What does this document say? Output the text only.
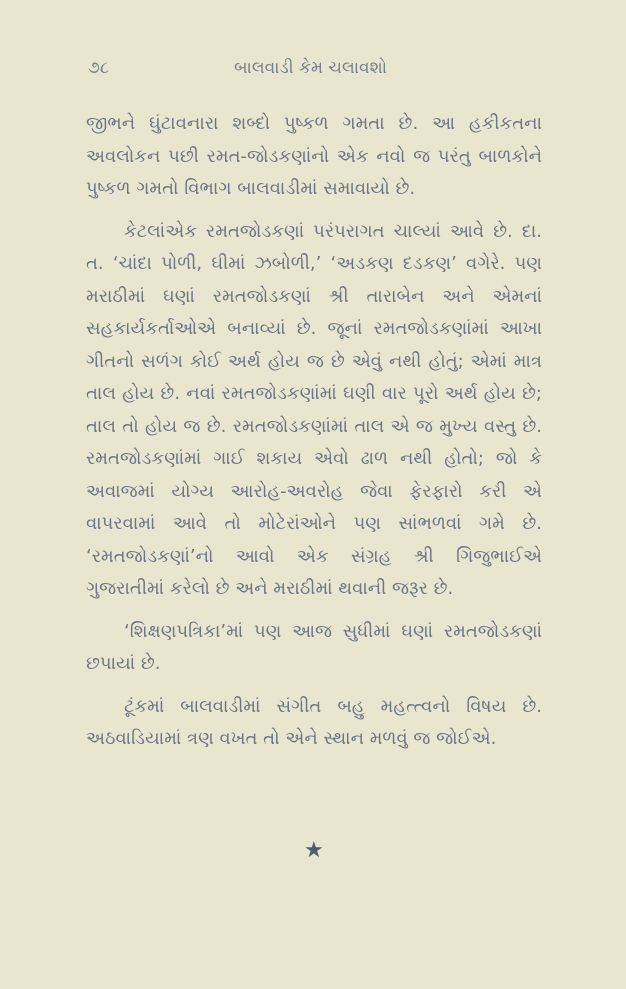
૭૮	બાલવાડી કેમ ચલાવશો

જીભને ઘુંટાવનારા શબ્દો પુષ્કળ ગમતા છે. આ હકીકતના અવલોકન પછી રમત-જોડકણાંનો એક નવો જ પરંતુ બાળકોને પુષ્કળ ગમતો વિભાગ બાલવાડીમાં સમાવાયો છે.

કેટલાંએક રમતજોડકણાં પરંપરાગત ચાલ્યાં આવે છે. દા. ત. ‘ચાંદા પોળી, ઘીમાં ઝબોળી,’ ‘અડકણ દડકણ’ વગેરે. પણ મરાઠીમાં ઘણાં રમતજોડકણાં શ્રી તારાબેન અને એમનાં સહકાર્યકર્તાઓએ બનાવ્યાં છે. જૂનાં રમતજોડકણાંમાં આખા ગીતનો સળંગ કોઈ અર્થ હોય જ છે એવું નથી હોતું; એમાં માત્ર તાલ હોય છે. નવાં રમતજોડકણાંમાં ઘણી વાર પૂરો અર્થ હોય છે; તાલ તો હોય જ છે. રમતજોડકણાંમાં તાલ એ જ મુખ્ય વસ્તુ છે. રમતજોડકણાંમાં ગાઈ શકાય એવો ઢાળ નથી હોતો; જો કે અવાજમાં યોગ્ય આરોહ-અવરોહ જેવા ફેરફારો કરી એ વાપરવામાં આવે તો મોટેરાંઓને પણ સાંભળવાં ગમે છે. ‘રમતજોડકણાં’નો આવો એક સંગ્રહ શ્રી ગિજુભાઈએ ગુજરાતીમાં કરેલો છે અને મરાઠીમાં થવાની જરૂર છે.

‘શિક્ષણપત્રિકા’માં પણ આજ સુધીમાં ઘણાં રમતજોડકણાં છપાયાં છે.

ટૂંકમાં બાલવાડીમાં સંગીત બહુ મહત્ત્વનો વિષય છે. અઠવાડિયામાં ત્રણ વખત તો એને સ્થાન મળવું જ જોઈએ.

★
